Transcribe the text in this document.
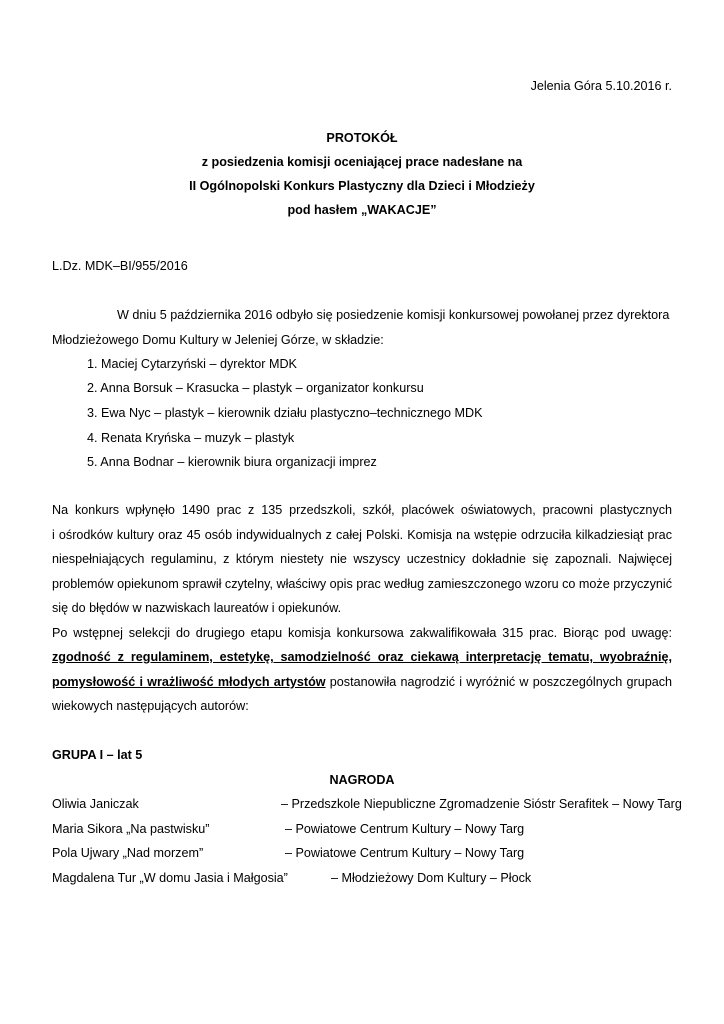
Jelenia Góra 5.10.2016 r.
PROTOKÓŁ
z posiedzenia komisji oceniającej prace nadesłane na
II Ogólnopolski Konkurs Plastyczny dla Dzieci i Młodzieży
pod hasłem „WAKACJE”
L.Dz. MDK–BI/955/2016
W dniu 5 października 2016 odbyło się posiedzenie komisji konkursowej powołanej przez dyrektora
Młodzieżowego Domu Kultury w Jeleniej Górze, w składzie:
1. Maciej Cytarzyński – dyrektor MDK
2. Anna Borsuk – Krasucka – plastyk – organizator konkursu
3. Ewa Nyc – plastyk – kierownik działu plastyczno–technicznego MDK
4. Renata Kryńska – muzyk – plastyk
5. Anna Bodnar – kierownik biura organizacji imprez
Na konkurs wpłynęło 1490 prac z 135 przedszkoli, szkół, placówek oświatowych, pracowni plastycznych
i ośrodków kultury oraz 45 osób indywidualnych z całej Polski. Komisja na wstępie odrzuciła kilkadziesiąt prac
niespełniających regulaminu, z którym niestety nie wszyscy uczestnicy dokładnie się zapoznali. Najwięcej
problemów opiekunom sprawił czytelny, właściwy opis prac według zamieszczonego wzoru co może przyczynić
się do błędów w nazwiskach laureatów i opiekunów.
Po wstępnej selekcji do drugiego etapu komisja konkursowa zakwalifikowała 315 prac. Biorąc pod uwagę:
zgodność z regulaminem, estetykę, samodzielność oraz ciekawą interpretację tematu, wyobraźnię,
pomysłowość i wrażliwość młodych artystów postanowiła nagrodzić i wyróżnić w poszczególnych grupach
wiekowych następujących autorów:
GRUPA I – lat 5
NAGRODA
Oliwia Janiczak	– Przedszkole Niepubliczne Zgromadzenie Sióstr Serafitek – Nowy Targ
Maria Sikora „Na pastwisku”	– Powiatowe Centrum Kultury – Nowy Targ
Pola Ujwary „Nad morzem”	– Powiatowe Centrum Kultury – Nowy Targ
Magdalena Tur „W domu Jasia i Małgosia”	– Młodzieżowy Dom Kultury – Płock
